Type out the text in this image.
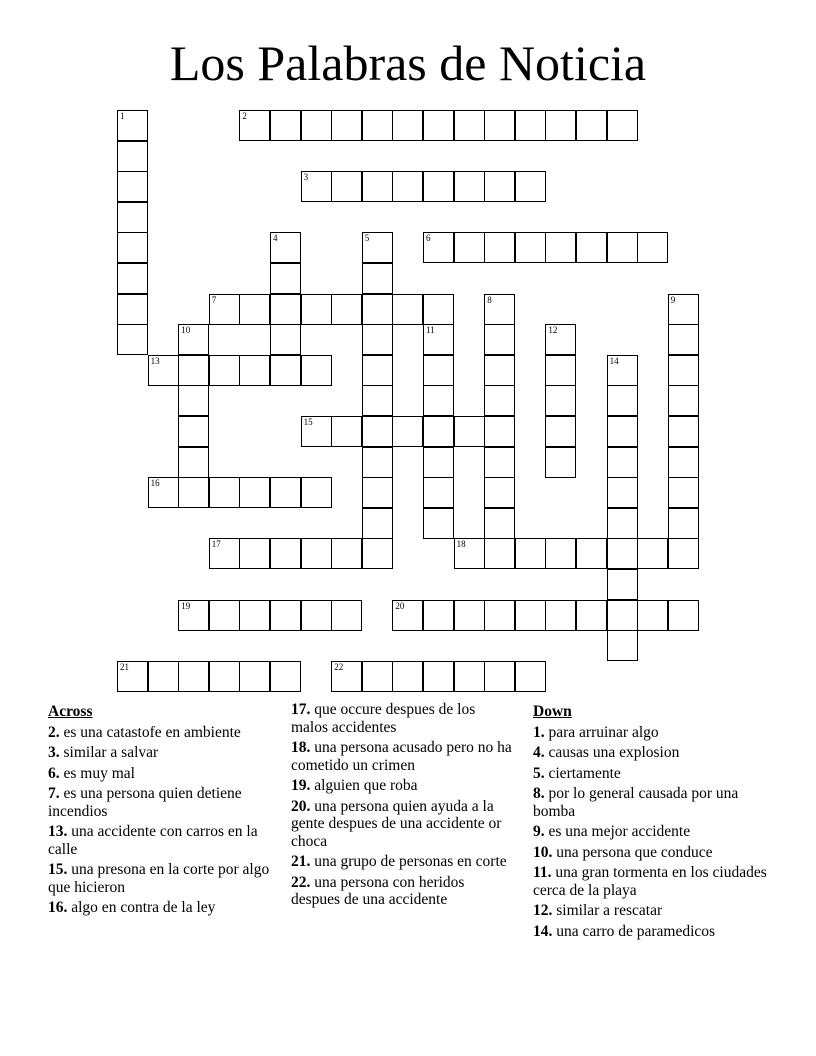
Los Palabras de Noticia
1	2
3
4	5	6
7	8	9
10	11	12
13	14
15
16
17	18
19	20
21	22
Across
2. es una catastofe en ambiente
3. similar a salvar
6. es muy mal
7. es una persona quien detiene incendios
13. una accidente con carros en la calle
15. una presona en la corte por algo que hicieron
16. algo en contra de la ley
17. que occure despues de los malos accidentes
18. una persona acusado pero no ha cometido un crimen
19. alguien que roba
20. una persona quien ayuda a la gente despues de una accidente or choca
21. una grupo de personas en corte
22. una persona con heridos despues de una accidente
Down
1. para arruinar algo
4. causas una explosion
5. ciertamente
8. por lo general causada por una bomba
9. es una mejor accidente
10. una persona que conduce
11. una gran tormenta en los ciudades cerca de la playa
12. similar a rescatar
14. una carro de paramedicos
